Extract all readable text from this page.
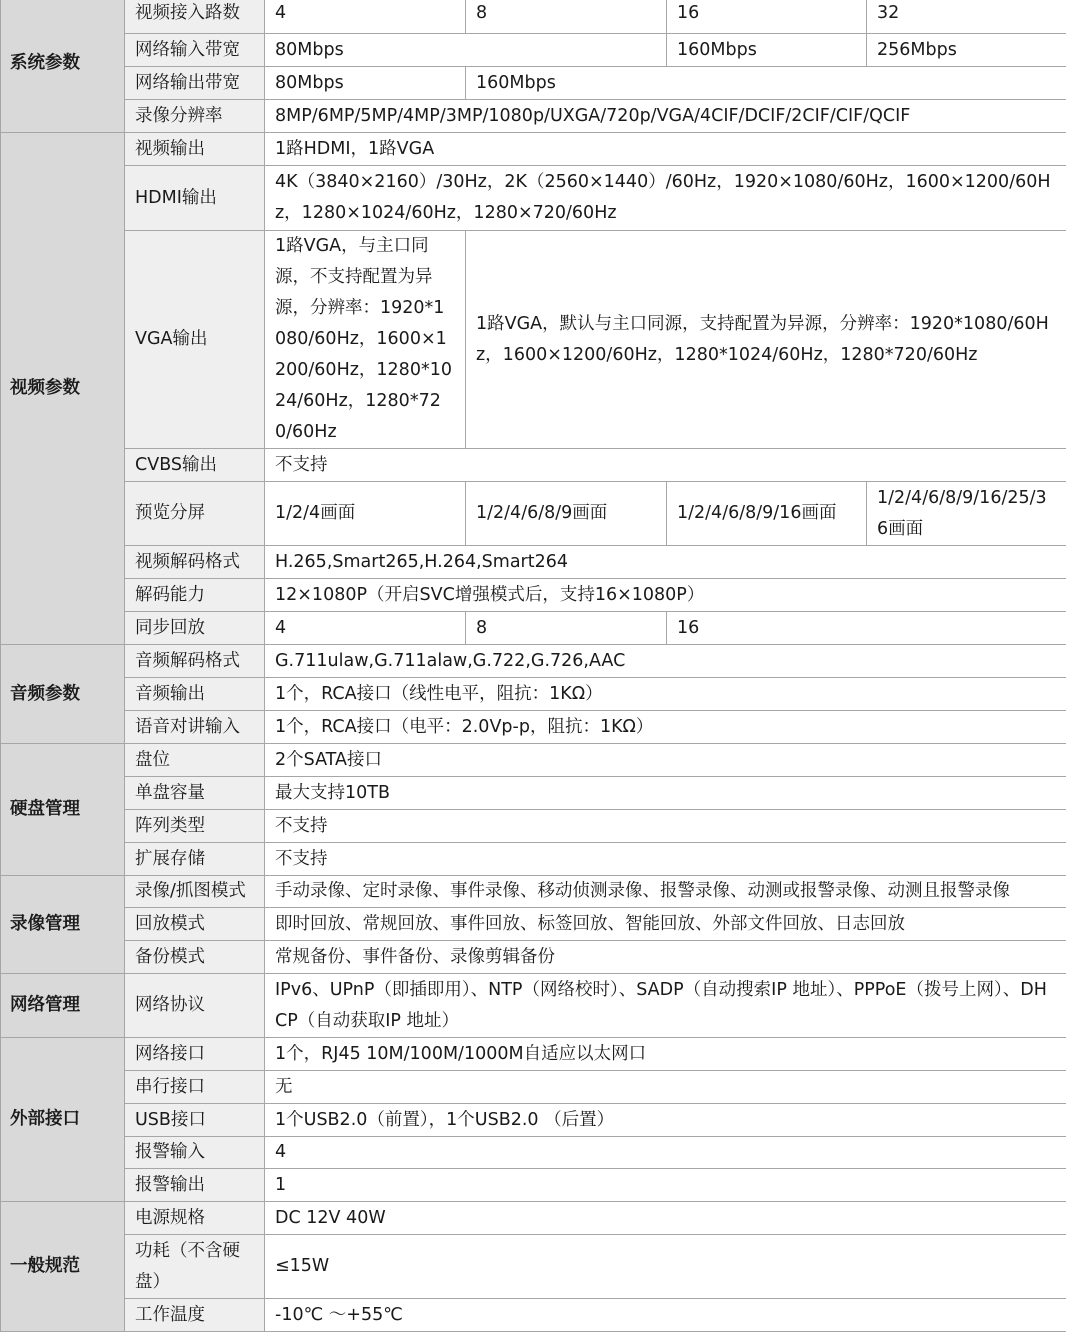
系统参数	视频接入路数	4	8	16	32
	网络输入带宽	80Mbps		160Mbps	256Mbps
	网络输出带宽	80Mbps	160Mbps		
	录像分辨率	8MP/6MP/5MP/4MP/3MP/1080p/UXGA/720p/VGA/4CIF/DCIF/2CIF/CIF/QCIF			
视频参数	视频输出	1路HDMI，1路VGA			
	HDMI输出	4K（3840×2160）/30Hz，2K（2560×1440）/60Hz，1920×1080/60Hz，1600×1200/60Hz，1280×1024/60Hz，1280×720/60Hz			
	VGA输出	1路VGA，与主口同源，不支持配置为异源，分辨率：1920*1080/60Hz，1600×1200/60Hz，1280*1024/60Hz，1280*720/60Hz	1路VGA，默认与主口同源，支持配置为异源，分辨率：1920*1080/60Hz，1600×1200/60Hz，1280*1024/60Hz，1280*720/60Hz		
	CVBS输出	不支持			
	预览分屏	1/2/4画面	1/2/4/6/8/9画面	1/2/4/6/8/9/16画面	1/2/4/6/8/9/16/25/36画面
	视频解码格式	H.265,Smart265,H.264,Smart264			
	解码能力	12×1080P（开启SVC增强模式后，支持16×1080P）			
	同步回放	4	8	16	
音频参数	音频解码格式	G.711ulaw,G.711alaw,G.722,G.726,AAC			
	音频输出	1个，RCA接口（线性电平，阻抗：1KΩ）			
	语音对讲输入	1个，RCA接口（电平：2.0Vp-p，阻抗：1KΩ）			
硬盘管理	盘位	2个SATA接口			
	单盘容量	最大支持10TB			
	阵列类型	不支持			
	扩展存储	不支持			
录像管理	录像/抓图模式	手动录像、定时录像、事件录像、移动侦测录像、报警录像、动测或报警录像、动测且报警录像			
	回放模式	即时回放、常规回放、事件回放、标签回放、智能回放、外部文件回放、日志回放			
	备份模式	常规备份、事件备份、录像剪辑备份			
网络管理	网络协议	IPv6、UPnP（即插即用）、NTP（网络校时）、SADP（自动搜索IP 地址）、PPPoE（拨号上网）、DHCP（自动获取IP 地址）			
外部接口	网络接口	1个，RJ45 10M/100M/1000M自适应以太网口			
	串行接口	无			
	USB接口	1个USB2.0（前置），1个USB2.0 （后置）			
	报警输入	4			
	报警输出	1			
一般规范	电源规格	DC 12V 40W			
	功耗（不含硬盘）	≤15W			
	工作温度	-10℃ ～+55℃			
